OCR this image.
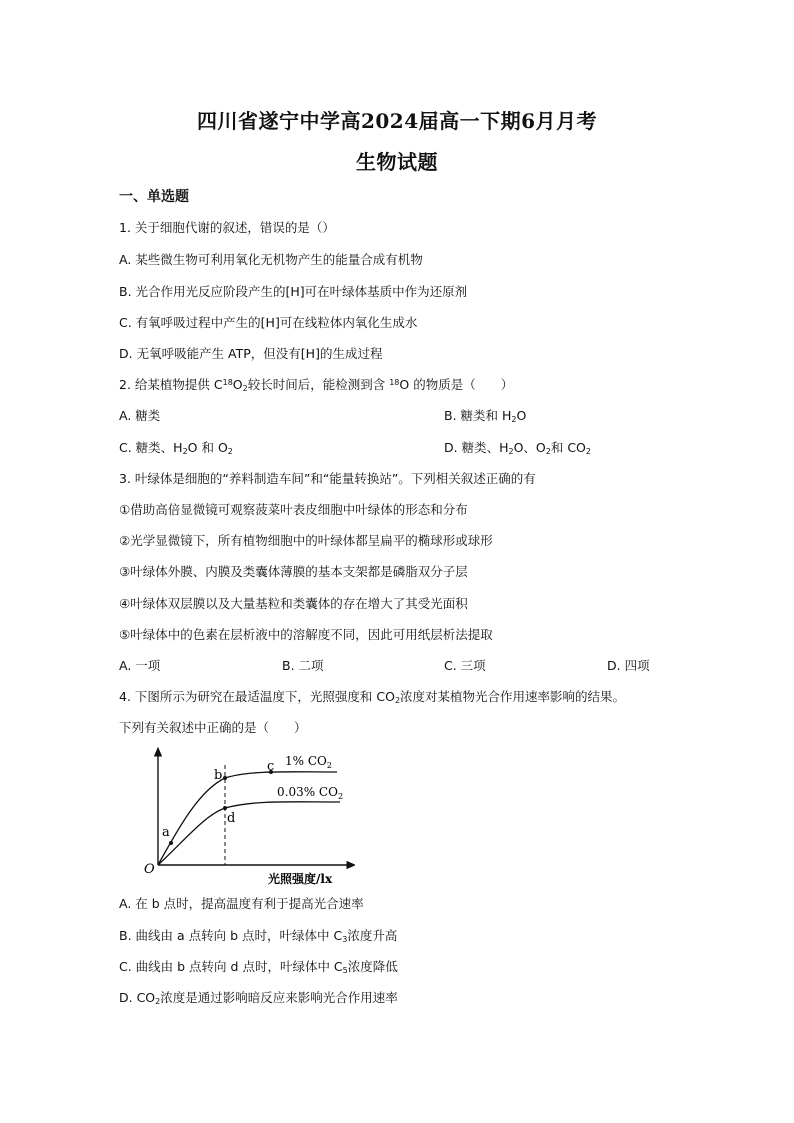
四川省遂宁中学高2024届高一下期6月月考
生物试题
一、单选题
1. 关于细胞代谢的叙述，错误的是（）
A. 某些微生物可利用氧化无机物产生的能量合成有机物
B. 光合作用光反应阶段产生的[H]可在叶绿体基质中作为还原剂
C. 有氧呼吸过程中产生的[H]可在线粒体内氧化生成水
D. 无氧呼吸能产生 ATP，但没有[H]的生成过程
2. 给某植物提供 $C^{18}O_2$较长时间后，能检测到含 $^{18}$O 的物质是（　　）
A. 糖类	B. 糖类和 $H_2O$
C. 糖类、$H_2O$ 和 $O_2$	D. 糖类、$H_2O$、$O_2$和 $CO_2$
3. 叶绿体是细胞的“养料制造车间”和“能量转换站”。下列相关叙述正确的有
①借助高倍显微镜可观察菠菜叶表皮细胞中叶绿体的形态和分布
②光学显微镜下，所有植物细胞中的叶绿体都呈扁平的椭球形或球形
③叶绿体外膜、内膜及类囊体薄膜的基本支架都是磷脂双分子层
④叶绿体双层膜以及大量基粒和类囊体的存在增大了其受光面积
⑤叶绿体中的色素在层析液中的溶解度不同，因此可用纸层析法提取
A. 一项	B. 二项	C. 三项	D. 四项
4. 下图所示为研究在最适温度下，光照强度和 $CO_2$浓度对某植物光合作用速率影响的结果。
下列有关叙述中正确的是（　　）
a
b
c
d
O
1% $CO_2$
0.03% $CO_2$
光照强度/lx
A. 在 b 点时，提高温度有利于提高光合速率
B. 曲线由 a 点转向 b 点时，叶绿体中 $C_3$浓度升高
C. 曲线由 b 点转向 d 点时，叶绿体中 $C_5$浓度降低
D. $CO_2$浓度是通过影响暗反应来影响光合作用速率
